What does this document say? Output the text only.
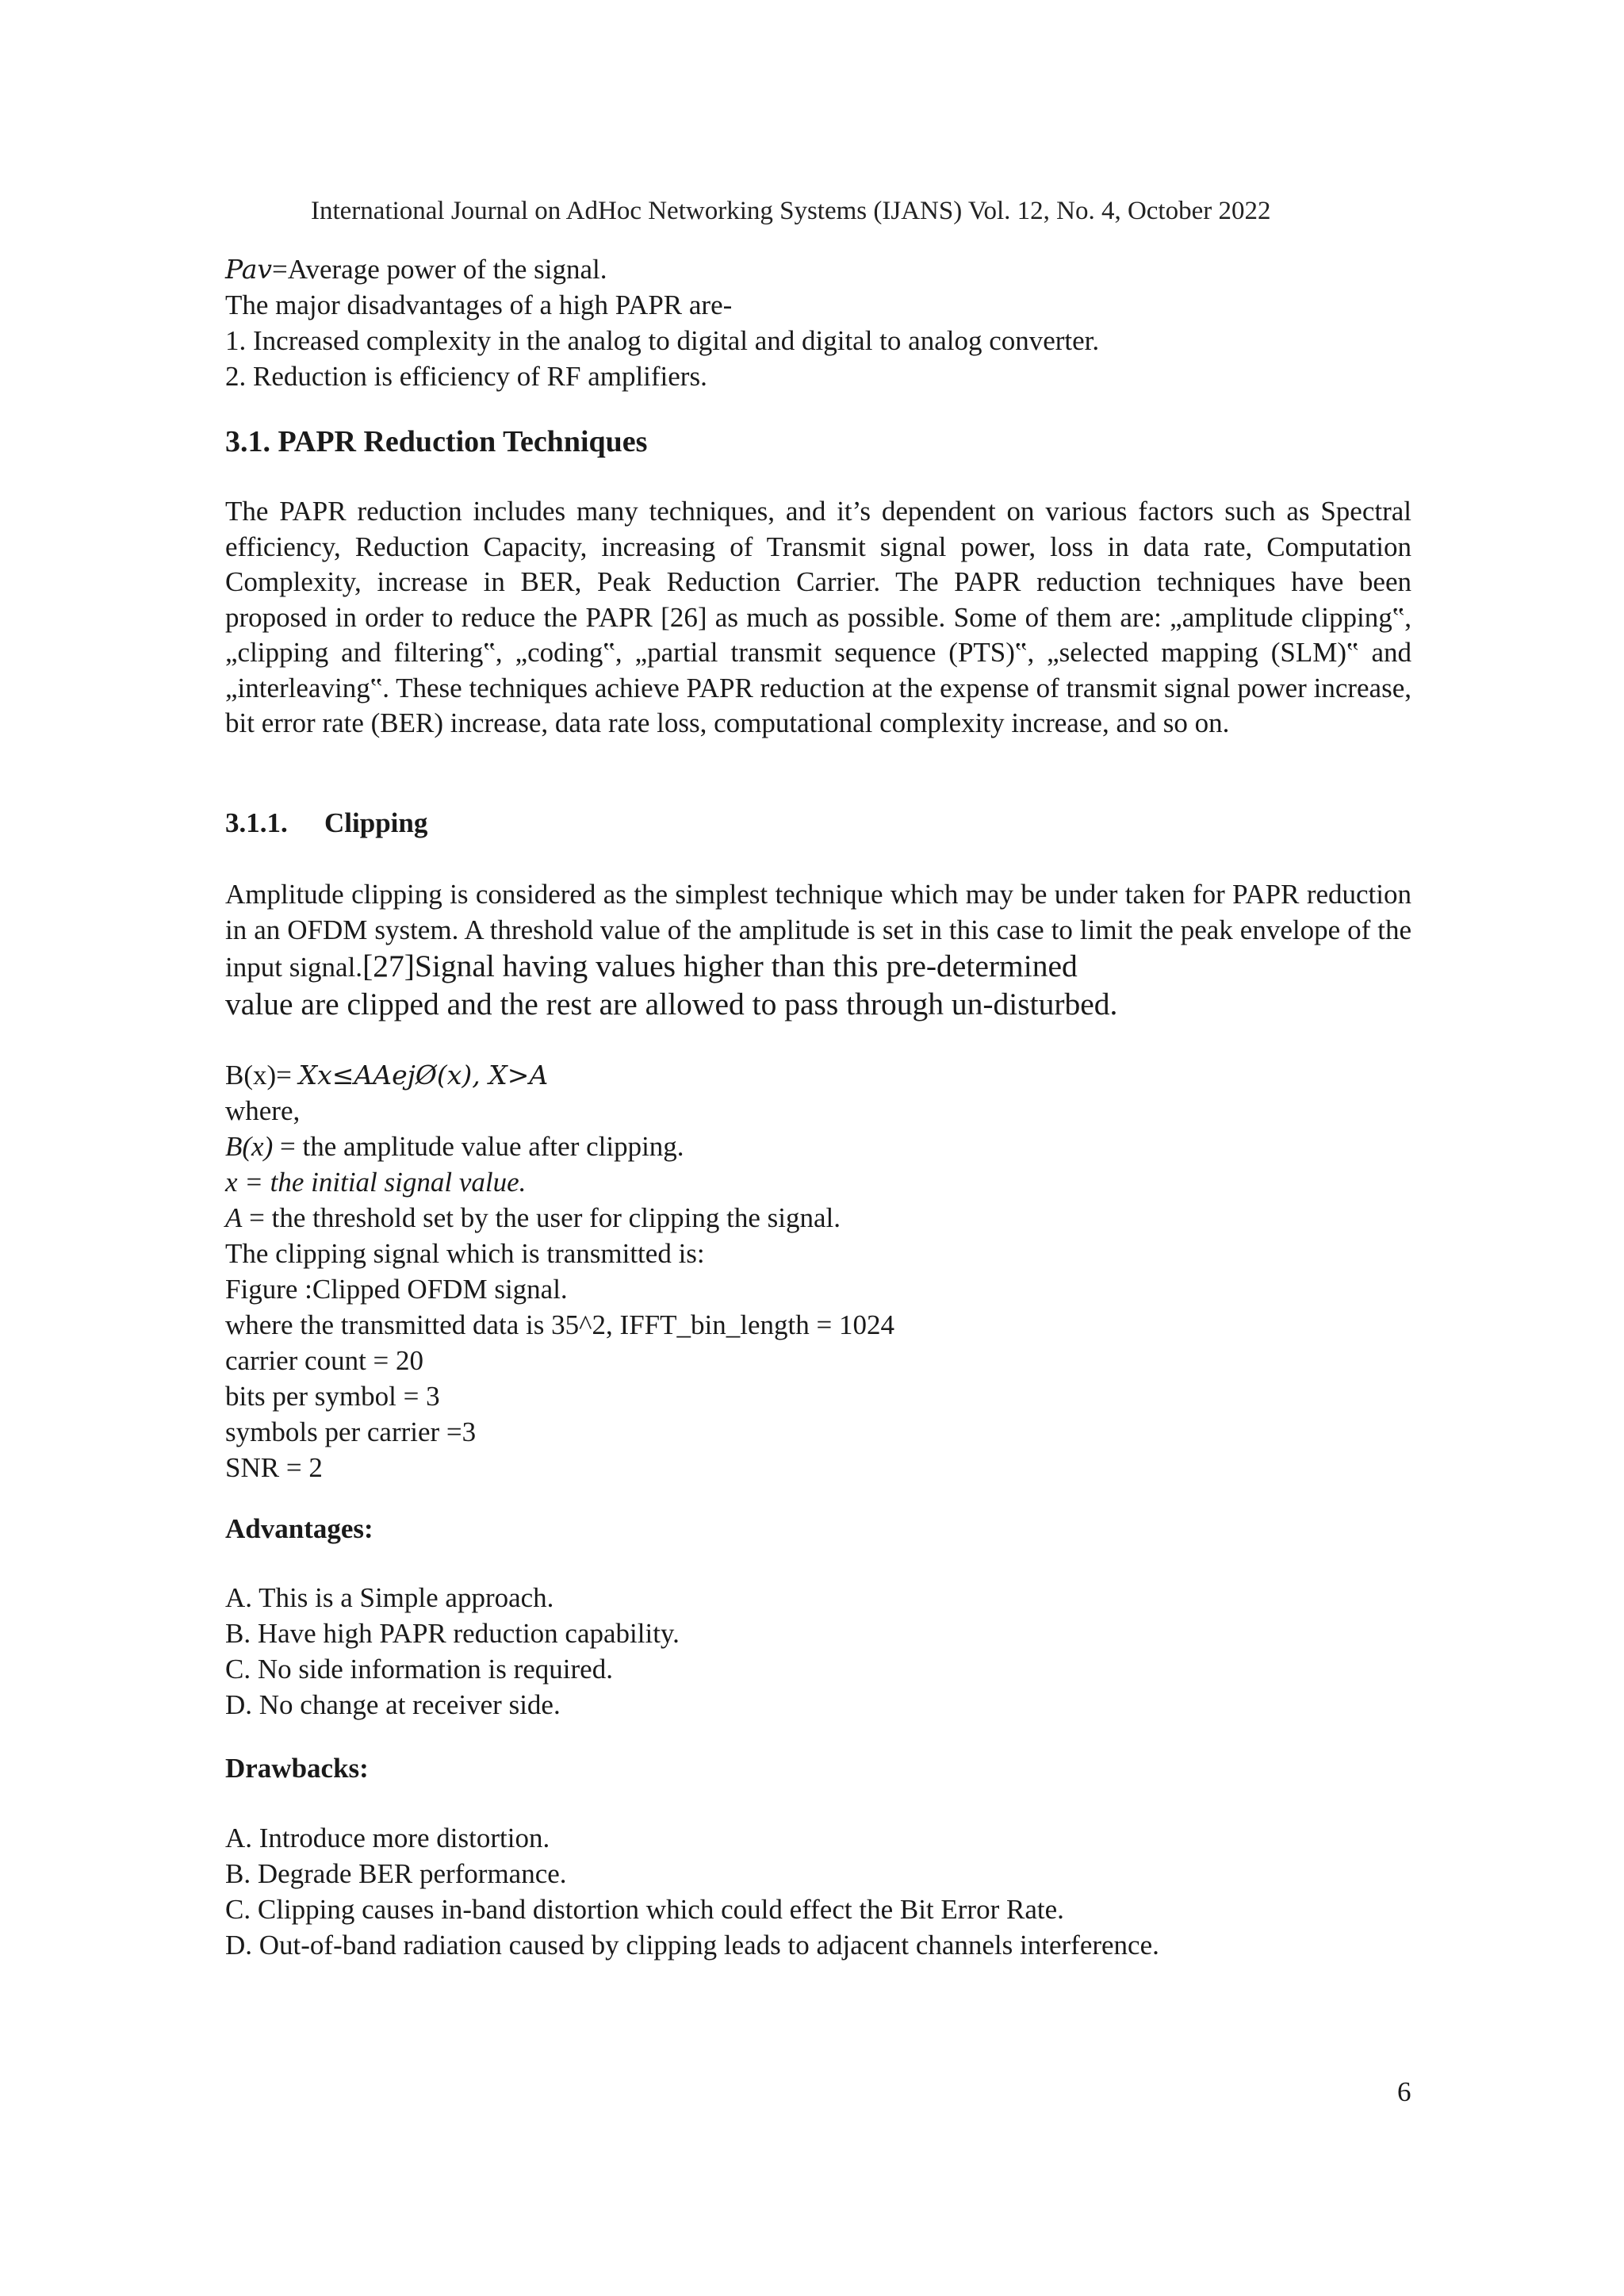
International Journal on AdHoc Networking Systems (IJANS) Vol. 12, No. 4, October 2022
Pav=Average power of the signal.
The major disadvantages of a high PAPR are-
1. Increased complexity in the analog to digital and digital to analog converter.
2. Reduction is efficiency of RF amplifiers.
3.1. PAPR Reduction Techniques
The PAPR reduction includes many techniques, and it’s dependent on various factors such as Spectral efficiency, Reduction Capacity, increasing of Transmit signal power, loss in data rate, Computation Complexity, increase in BER, Peak Reduction Carrier. The PAPR reduction techniques have been proposed in order to reduce the PAPR [26] as much as possible. Some of them are: „amplitude clipping‟, „clipping and filtering‟, „coding‟, „partial transmit sequence (PTS)‟, „selected mapping (SLM)‟ and „interleaving‟. These techniques achieve PAPR reduction at the expense of transmit signal power increase, bit error rate (BER) increase, data rate loss, computational complexity increase, and so on.
3.1.1. Clipping
Amplitude clipping is considered as the simplest technique which may be under taken for PAPR reduction in an OFDM system. A threshold value of the amplitude is set in this case to limit the peak envelope of the input signal.[27]Signal having values higher than this pre-determined
value are clipped and the rest are allowed to pass through un-disturbed.
B(x)= Xx≤AAejØ(x), X>A
where,
B(x) = the amplitude value after clipping.
x = the initial signal value.
A = the threshold set by the user for clipping the signal.
The clipping signal which is transmitted is:
Figure :Clipped OFDM signal.
where the transmitted data is 35^2, IFFT_bin_length = 1024
carrier count = 20
bits per symbol = 3
symbols per carrier =3
SNR = 2
Advantages:
A. This is a Simple approach.
B. Have high PAPR reduction capability.
C. No side information is required.
D. No change at receiver side.
Drawbacks:
A. Introduce more distortion.
B. Degrade BER performance.
C. Clipping causes in-band distortion which could effect the Bit Error Rate.
D. Out-of-band radiation caused by clipping leads to adjacent channels interference.
6
